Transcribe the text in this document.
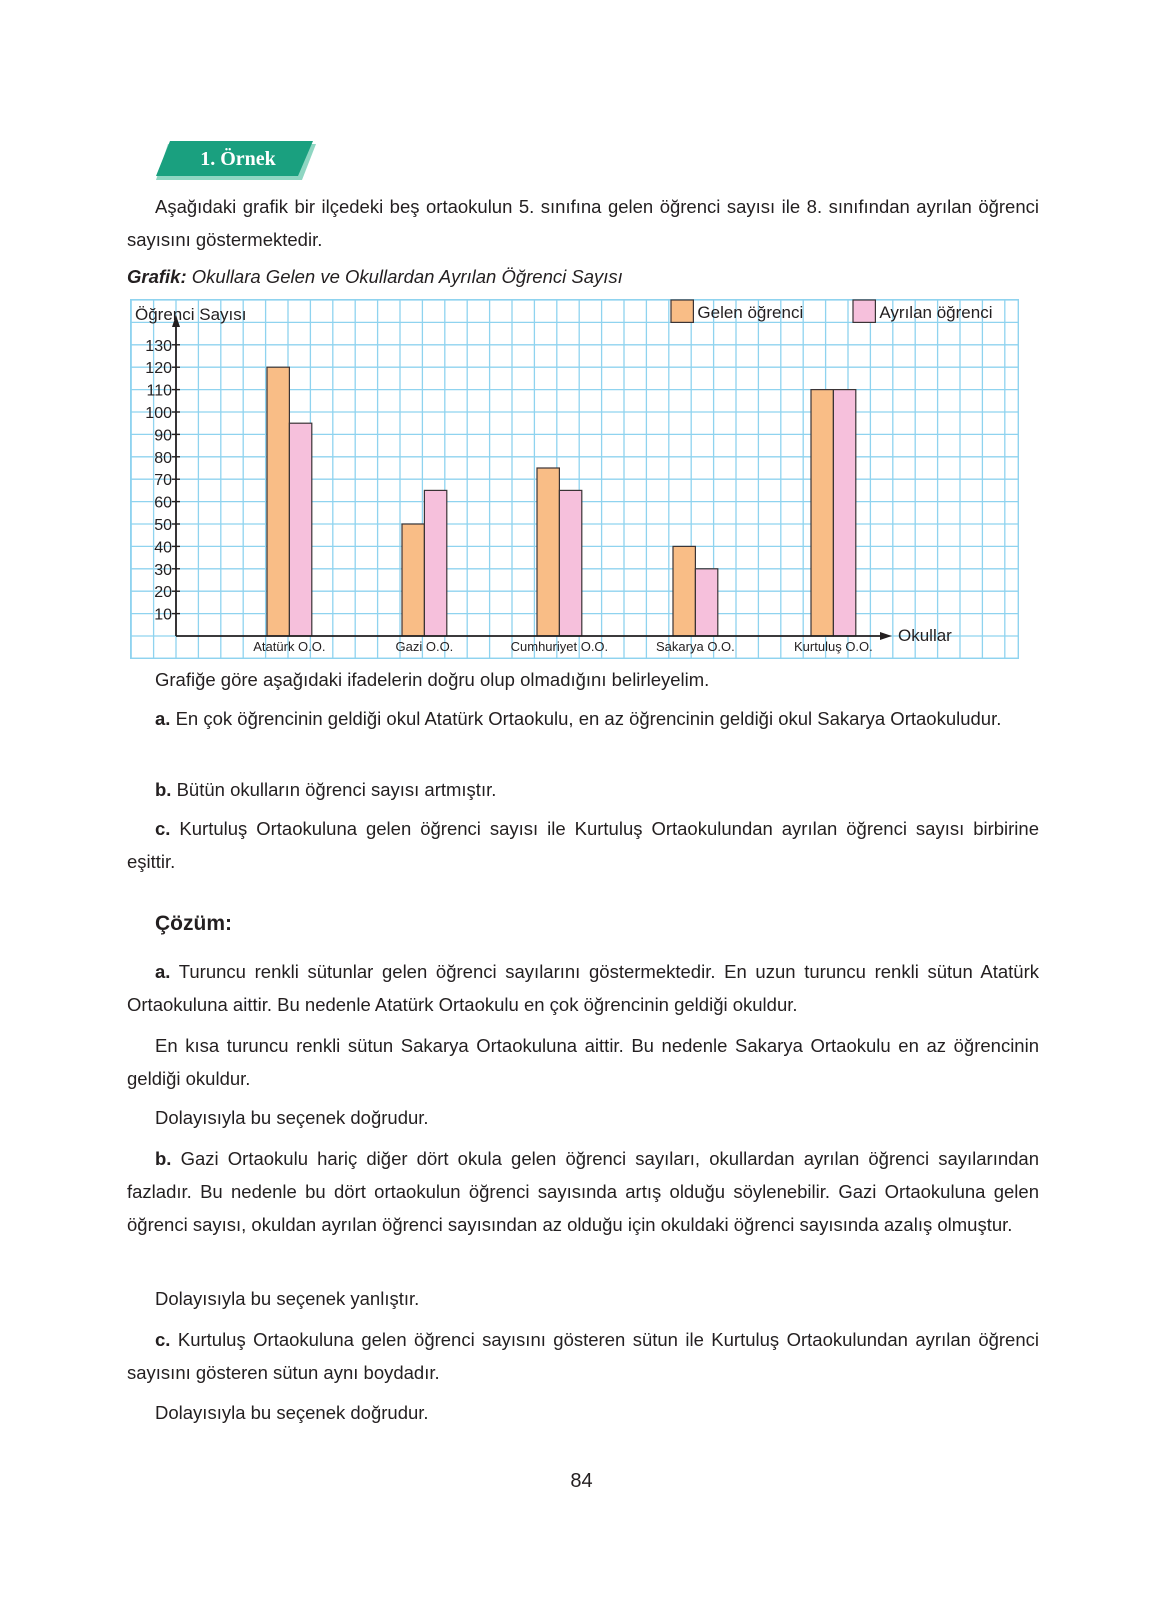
1. Örnek
Aşağıdaki grafik bir ilçedeki beş ortaokulun 5. sınıfına gelen öğrenci sayısı ile 8. sınıfından ayrılan öğrenci sayısını göstermektedir.
Grafik: Okullara Gelen ve Okullardan Ayrılan Öğrenci Sayısı
Atatürk O.O.	Gazi O.O.	Cumhuriyet O.O.	Sakarya O.O.	Kurtuluş O.O.
10
20
30
40
50
60
70
80
90
100
110
120
130
Öğrenci Sayısı
Okullar
Gelen öğrenci	Ayrılan öğrenci
Grafiğe göre aşağıdaki ifadelerin doğru olup olmadığını belirleyelim.
a. En çok öğrencinin geldiği okul Atatürk Ortaokulu, en az öğrencinin geldiği okul Sakarya Ortaokuludur.
b. Bütün okulların öğrenci sayısı artmıştır.
c. Kurtuluş Ortaokuluna gelen öğrenci sayısı ile Kurtuluş Ortaokulundan ayrılan öğrenci sayısı birbirine eşittir.
Çözüm:
a. Turuncu renkli sütunlar gelen öğrenci sayılarını göstermektedir. En uzun turuncu renkli sütun Atatürk Ortaokuluna aittir. Bu nedenle Atatürk Ortaokulu en çok öğrencinin geldiği okuldur.
En kısa turuncu renkli sütun Sakarya Ortaokuluna aittir. Bu nedenle Sakarya Ortaokulu en az öğrencinin geldiği okuldur.
Dolayısıyla bu seçenek doğrudur.
b. Gazi Ortaokulu hariç diğer dört okula gelen öğrenci sayıları, okullardan ayrılan öğrenci sayılarından fazladır. Bu nedenle bu dört ortaokulun öğrenci sayısında artış olduğu söylenebilir. Gazi Ortaokuluna gelen öğrenci sayısı, okuldan ayrılan öğrenci sayısından az olduğu için okuldaki öğrenci sayısında azalış olmuştur.
Dolayısıyla bu seçenek yanlıştır.
c. Kurtuluş Ortaokuluna gelen öğrenci sayısını gösteren sütun ile Kurtuluş Ortaokulundan ayrılan öğrenci sayısını gösteren sütun aynı boydadır.
Dolayısıyla bu seçenek doğrudur.
84
